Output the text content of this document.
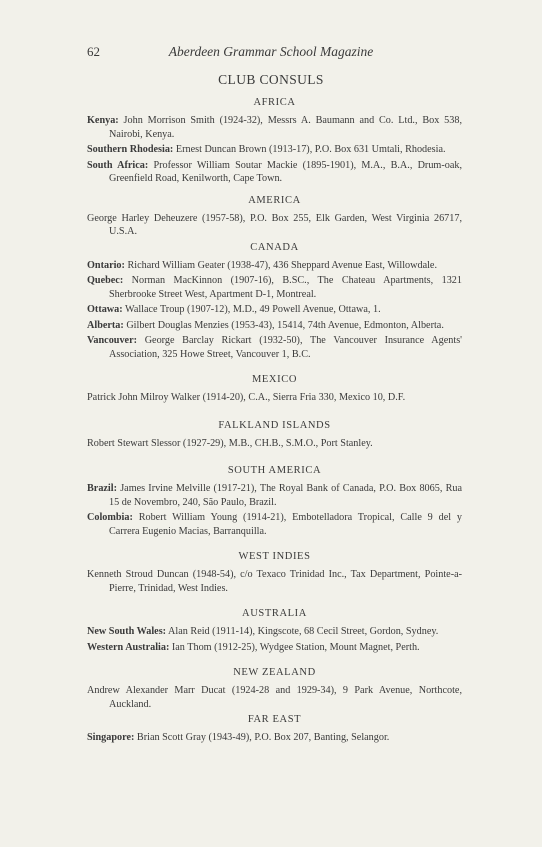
62	Aberdeen Grammar School Magazine
CLUB CONSULS
AFRICA

Kenya: John Morrison Smith (1924-32), Messrs A. Baumann and Co. Ltd., Box 538, Nairobi, Kenya.

Southern Rhodesia: Ernest Duncan Brown (1913-17), P.O. Box 631 Umtali, Rhodesia.

South Africa: Professor William Soutar Mackie (1895-1901), M.A., B.A., Drum-oak, Greenfield Road, Kenilworth, Cape Town.

AMERICA

George Harley Deheuzere (1957-58), P.O. Box 255, Elk Garden, West Virginia 26717, U.S.A.

CANADA

Ontario: Richard William Geater (1938-47), 436 Sheppard Avenue East, Willowdale.

Quebec: Norman MacKinnon (1907-16), B.SC., The Chateau Apartments, 1321 Sherbrooke Street West, Apartment D-1, Montreal.

Ottawa: Wallace Troup (1907-12), M.D., 49 Powell Avenue, Ottawa, 1.

Alberta: Gilbert Douglas Menzies (1953-43), 15414, 74th Avenue, Edmonton, Alberta.

Vancouver: George Barclay Rickart (1932-50), The Vancouver Insurance Agents' Association, 325 Howe Street, Vancouver 1, B.C.

MEXICO

Patrick John Milroy Walker (1914-20), C.A., Sierra Fria 330, Mexico 10, D.F.

FALKLAND ISLANDS

Robert Stewart Slessor (1927-29), M.B., CH.B., S.M.O., Port Stanley.

SOUTH AMERICA

Brazil: James Irvine Melville (1917-21), The Royal Bank of Canada, P.O. Box 8065, Rua 15 de Novembro, 240, São Paulo, Brazil.

Colombia: Robert William Young (1914-21), Embotelladora Tropical, Calle 9 del y Carrera Eugenio Macias, Barranquilla.

WEST INDIES

Kenneth Stroud Duncan (1948-54), c/o Texaco Trinidad Inc., Tax Department, Pointe-a-Pierre, Trinidad, West Indies.

AUSTRALIA

New South Wales: Alan Reid (1911-14), Kingscote, 68 Cecil Street, Gordon, Sydney.

Western Australia: Ian Thom (1912-25), Wydgee Station, Mount Magnet, Perth.

NEW ZEALAND

Andrew Alexander Marr Ducat (1924-28 and 1929-34), 9 Park Avenue, Northcote, Auckland.

FAR EAST

Singapore: Brian Scott Gray (1943-49), P.O. Box 207, Banting, Selangor.
